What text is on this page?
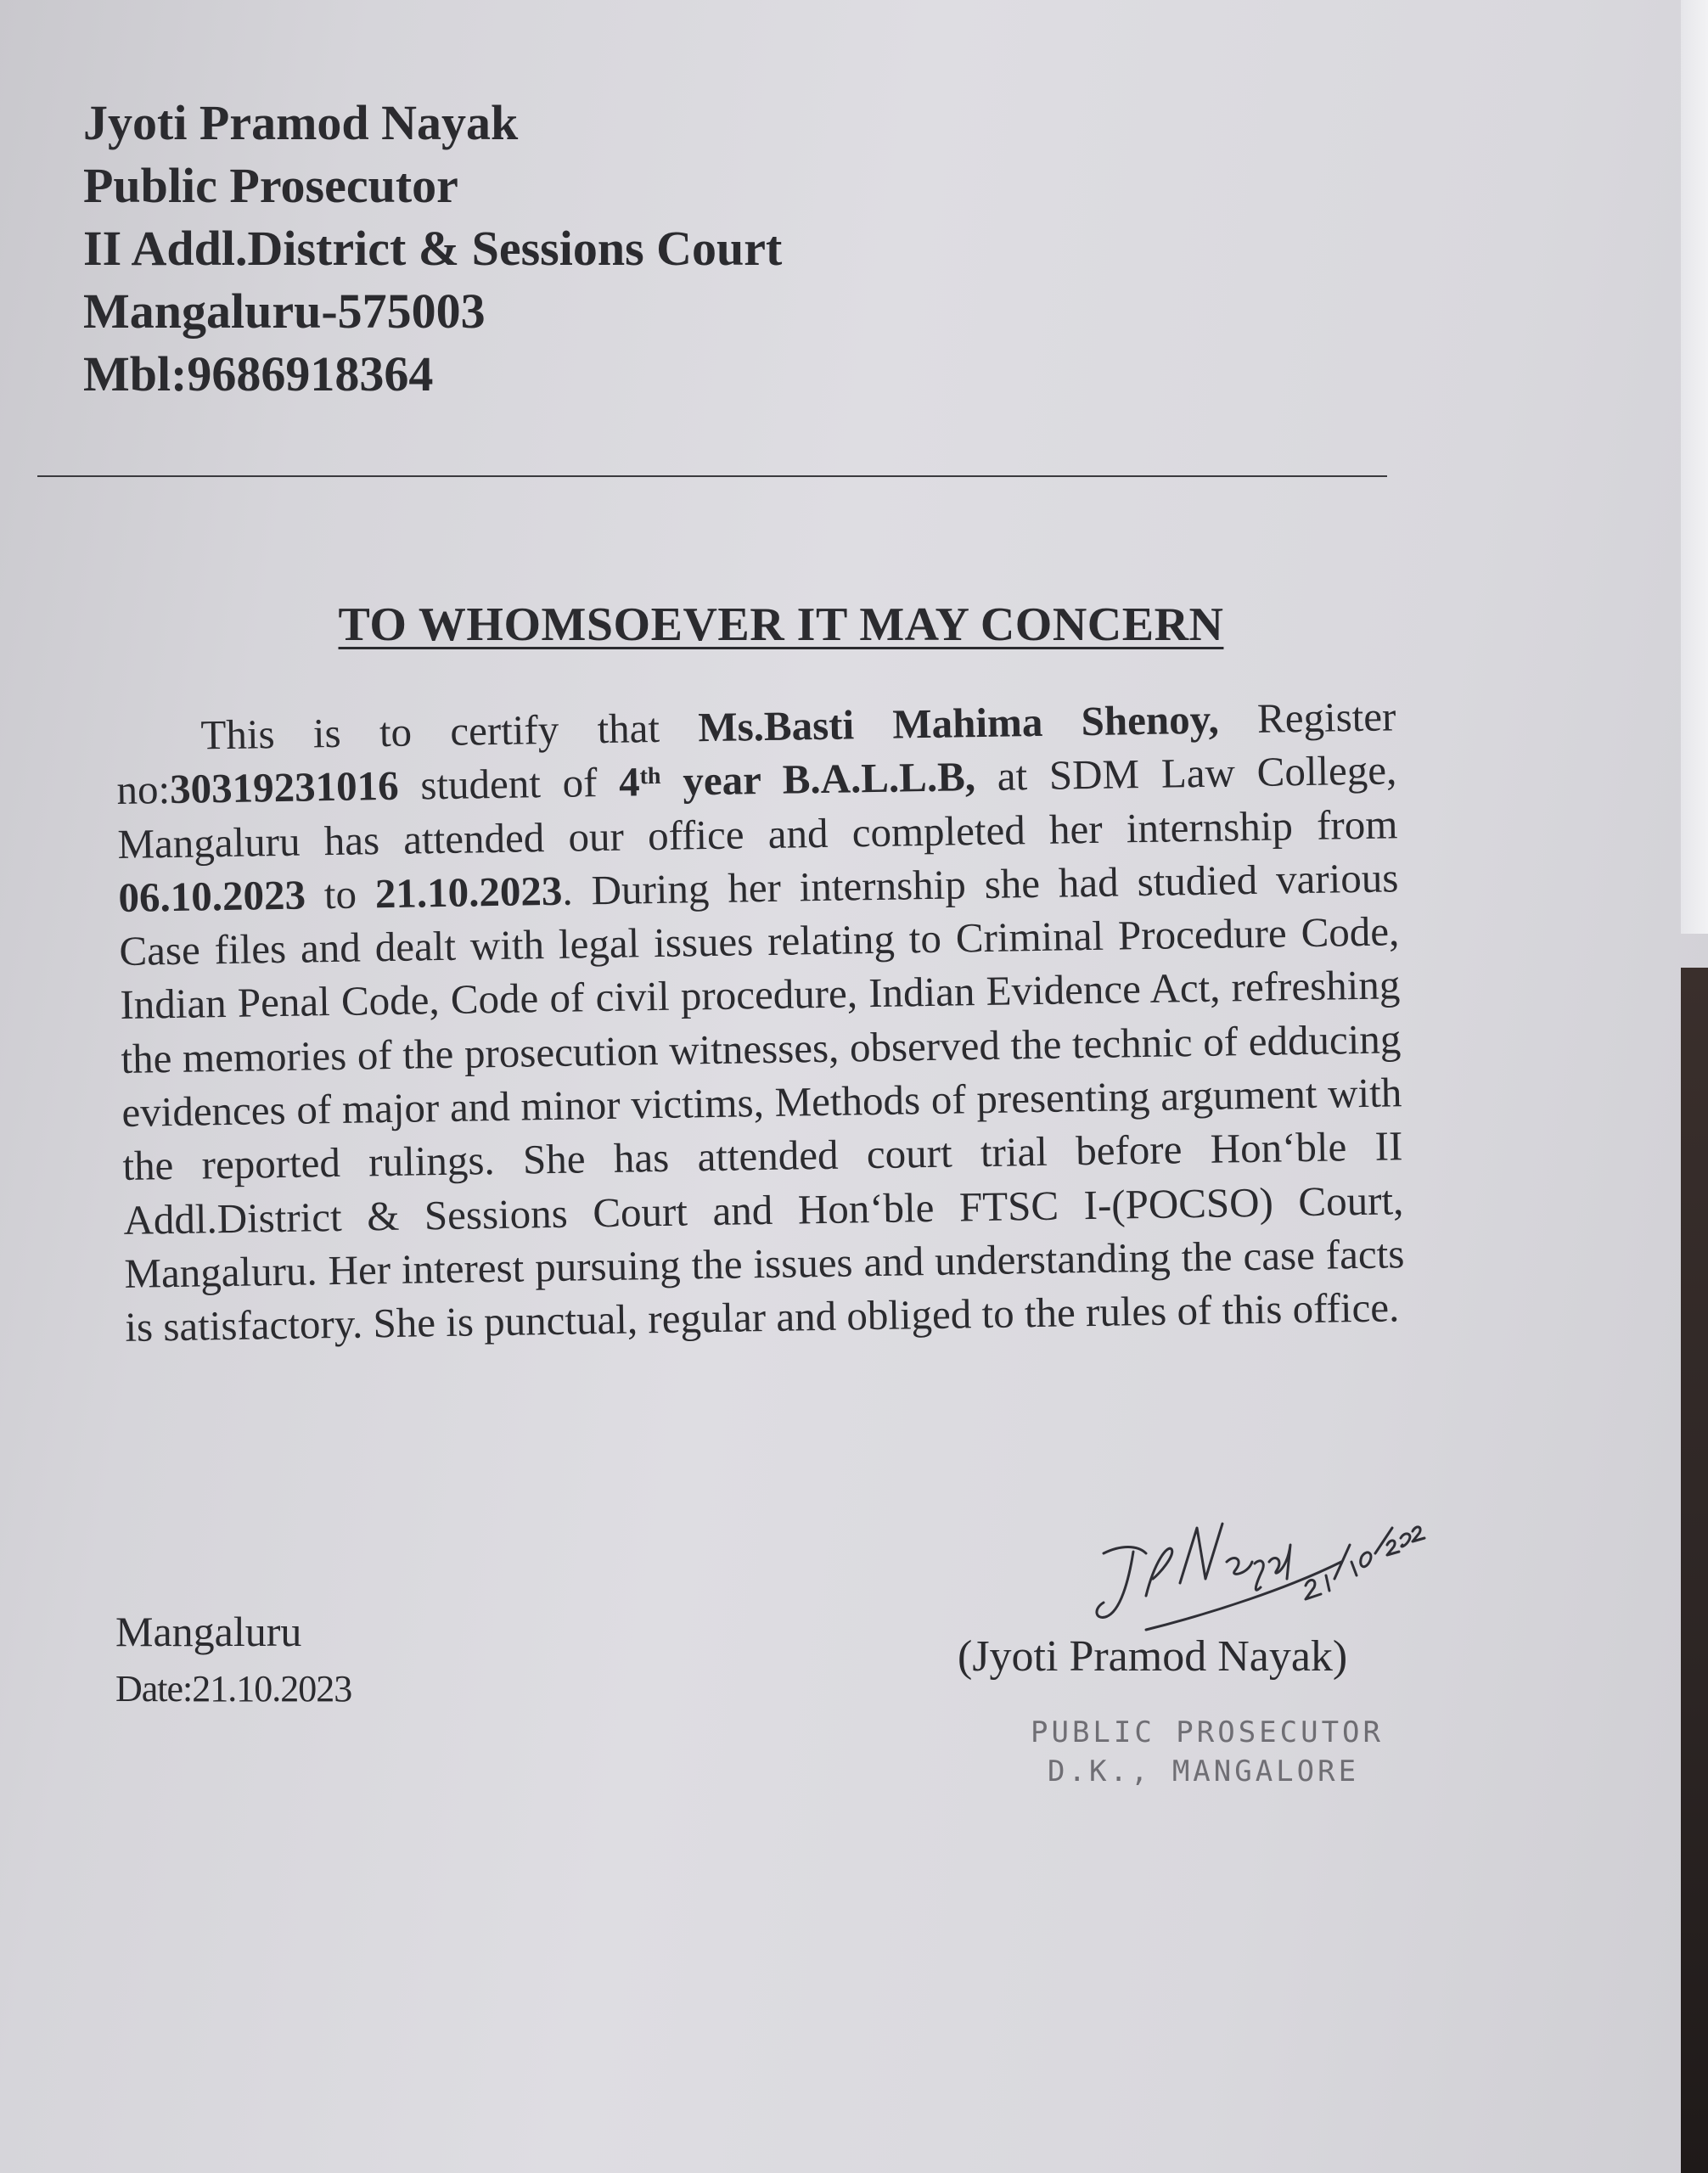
Jyoti Pramod Nayak
Public Prosecutor
II Addl.District & Sessions Court
Mangaluru-575003
Mbl:9686918364
TO WHOMSOEVER IT MAY CONCERN

This is to certify that Ms.Basti Mahima Shenoy, Register no:30319231016 student of 4th year B.A.L.L.B, at SDM Law College, Mangaluru has attended our office and completed her internship from 06.10.2023 to 21.10.2023. During her internship she had studied various Case files and dealt with legal issues relating to Criminal Procedure Code, Indian Penal Code, Code of civil procedure, Indian Evidence Act, refreshing the memories of the prosecution witnesses, observed the technic of edducing evidences of major and minor victims, Methods of presenting argument with the reported rulings. She has attended court trial before Hon‘ble II Addl.District & Sessions Court and Hon‘ble FTSC I-(POCSO) Court, Mangaluru. Her interest pursuing the issues and understanding the case facts is satisfactory. She is punctual, regular and obliged to the rules of this office.

Mangaluru
Date:21.10.2023
(Jyoti Pramod Nayak)
PUBLIC PROSECUTOR
D.K., MANGALORE
